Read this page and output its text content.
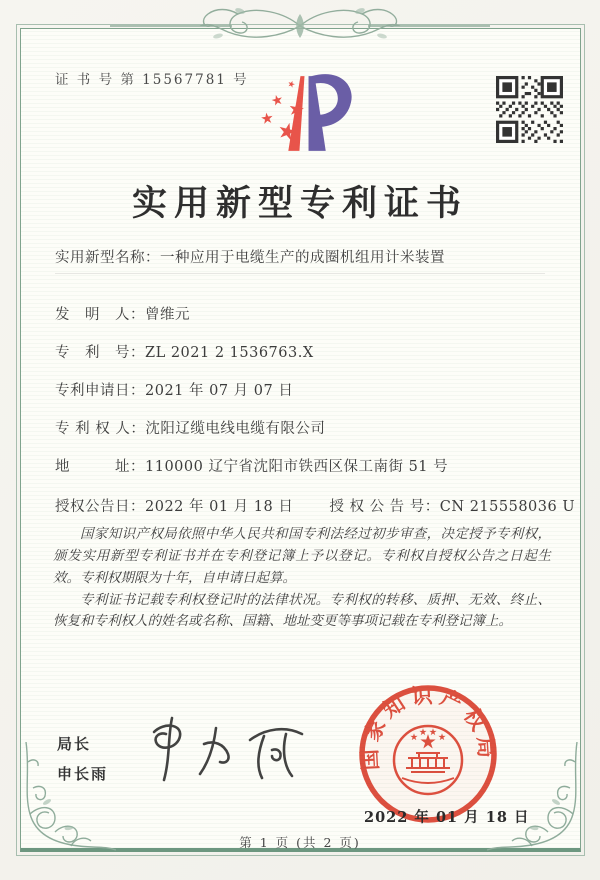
证 书 号 第 15567781 号
实用新型专利证书
实用新型名称：一种应用于电缆生产的成圈机组用计米装置
发　明　人：曾维元
专　利　号：ZL 2021 2 1536763.X
专利申请日：2021 年 07 月 07 日
专 利 权 人：沈阳辽缆电线电缆有限公司
地　　　址：110000 辽宁省沈阳市铁西区保工南街 51 号
授权公告日：2022 年 01 月 18 日 授 权 公 告 号：CN 215558036 U

国家知识产权局依照中华人民共和国专利法经过初步审查，决定授予专利权，颁发实用新型专利证书并在专利登记簿上予以登记。专利权自授权公告之日起生效。专利权期限为十年，自申请日起算。

专利证书记载专利权登记时的法律状况。专利权的转移、质押、无效、终止、恢复和专利权人的姓名或名称、国籍、地址变更等事项记载在专利登记簿上。

局长
申长雨
国家知识产权局
2022 年 01 月 18 日
第 1 页 (共 2 页)
